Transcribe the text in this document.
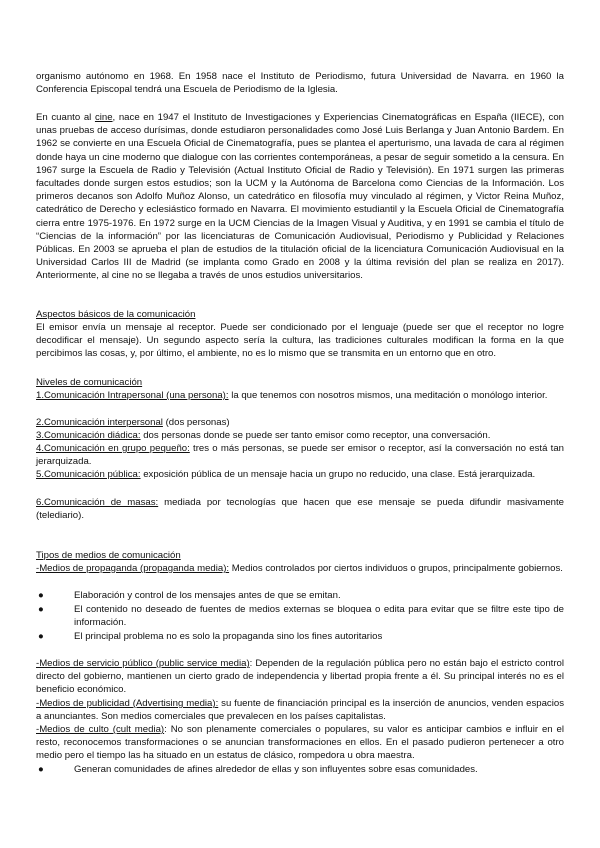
organismo autónomo en 1968. En 1958 nace el Instituto de Periodismo, futura Universidad de Navarra. en 1960 la Conferencia Episcopal tendrá una Escuela de Periodismo de la Iglesia.

En cuanto al cine, nace en 1947 el Instituto de Investigaciones y Experiencias Cinematográficas en España (IIECE), con unas pruebas de acceso durísimas, donde estudiaron personalidades como José Luis Berlanga y Juan Antonio Bardem. En 1962 se convierte en una Escuela Oficial de Cinematografía, pues se plantea el aperturismo, una lavada de cara al régimen donde haya un cine moderno que dialogue con las corrientes contemporáneas, a pesar de seguir sometido a la censura. En 1967 surge la Escuela de Radio y Televisión (Actual Instituto Oficial de Radio y Televisión). En 1971 surgen las primeras facultades donde surgen estos estudios; son la UCM y la Autónoma de Barcelona como Ciencias de la Información. Los primeros decanos son Adolfo Muñoz Alonso, un catedrático en filosofía muy vinculado al régimen, y Victor Reina Muñoz, catedrático de Derecho y eclesiástico formado en Navarra. El movimiento estudiantil y la Escuela Oficial de Cinematografía cierra entre 1975-1976. En 1972 surge en la UCM Ciencias de la Imagen Visual y Auditiva, y en 1991 se cambia el título de “Ciencias de la información” por las licenciaturas de Comunicación Audiovisual, Periodismo y Publicidad y Relaciones Públicas. En 2003 se aprueba el plan de estudios de la titulación oficial de la licenciatura Comunicación Audiovisual en la Universidad Carlos III de Madrid (se implanta como Grado en 2008 y la última revisión del plan se realiza en 2017). Anteriormente, al cine no se llegaba a través de unos estudios universitarios.

Aspectos básicos de la comunicación

El emisor envía un mensaje al receptor. Puede ser condicionado por el lenguaje (puede ser que el receptor no logre decodificar el mensaje). Un segundo aspecto sería la cultura, las tradiciones culturales modifican la forma en la que percibimos las cosas, y, por último, el ambiente, no es lo mismo que se transmita en un entorno que en otro.

Niveles de comunicación

1.Comunicación Intrapersonal (una persona): la que tenemos con nosotros mismos, una meditación o monólogo interior.

2.Comunicación interpersonal (dos personas)

3.Comunicación diádica: dos personas donde se puede ser tanto emisor como receptor, una conversación.

4.Comunicación en grupo pequeño: tres o más personas, se puede ser emisor o receptor, así la conversación no está tan jerarquizada.

5.Comunicación pública: exposición pública de un mensaje hacia un grupo no reducido, una clase. Está jerarquizada.

6.Comunicación de masas: mediada por tecnologías que hacen que ese mensaje se pueda difundir masivamente (telediario).

Tipos de medios de comunicación

-Medios de propaganda (propaganda media): Medios controlados por ciertos individuos o grupos, principalmente gobiernos.

●	Elaboración y control de los mensajes antes de que se emitan.

●	El contenido no deseado de fuentes de medios externas se bloquea o edita para evitar que se filtre este tipo de información.

●	El principal problema no es solo la propaganda sino los fines autoritarios

-Medios de servicio público (public service media): Dependen de la regulación pública pero no están bajo el estricto control directo del gobierno, mantienen un cierto grado de independencia y libertad propia frente a él. Su principal interés no es el beneficio económico.

-Medios de publicidad (Advertising media): su fuente de financiación principal es la inserción de anuncios, venden espacios a anunciantes. Son medios comerciales que prevalecen en los países capitalistas.

-Medios de culto (cult media): No son plenamente comerciales o populares, su valor es anticipar cambios e influir en el resto, reconocemos transformaciones o se anuncian transformaciones en ellos. En el pasado pudieron pertenecer a otro medio pero el tiempo las ha situado en un estatus de clásico, rompedora u obra maestra.

●	Generan comunidades de afines alrededor de ellas y son influyentes sobre esas comunidades.
